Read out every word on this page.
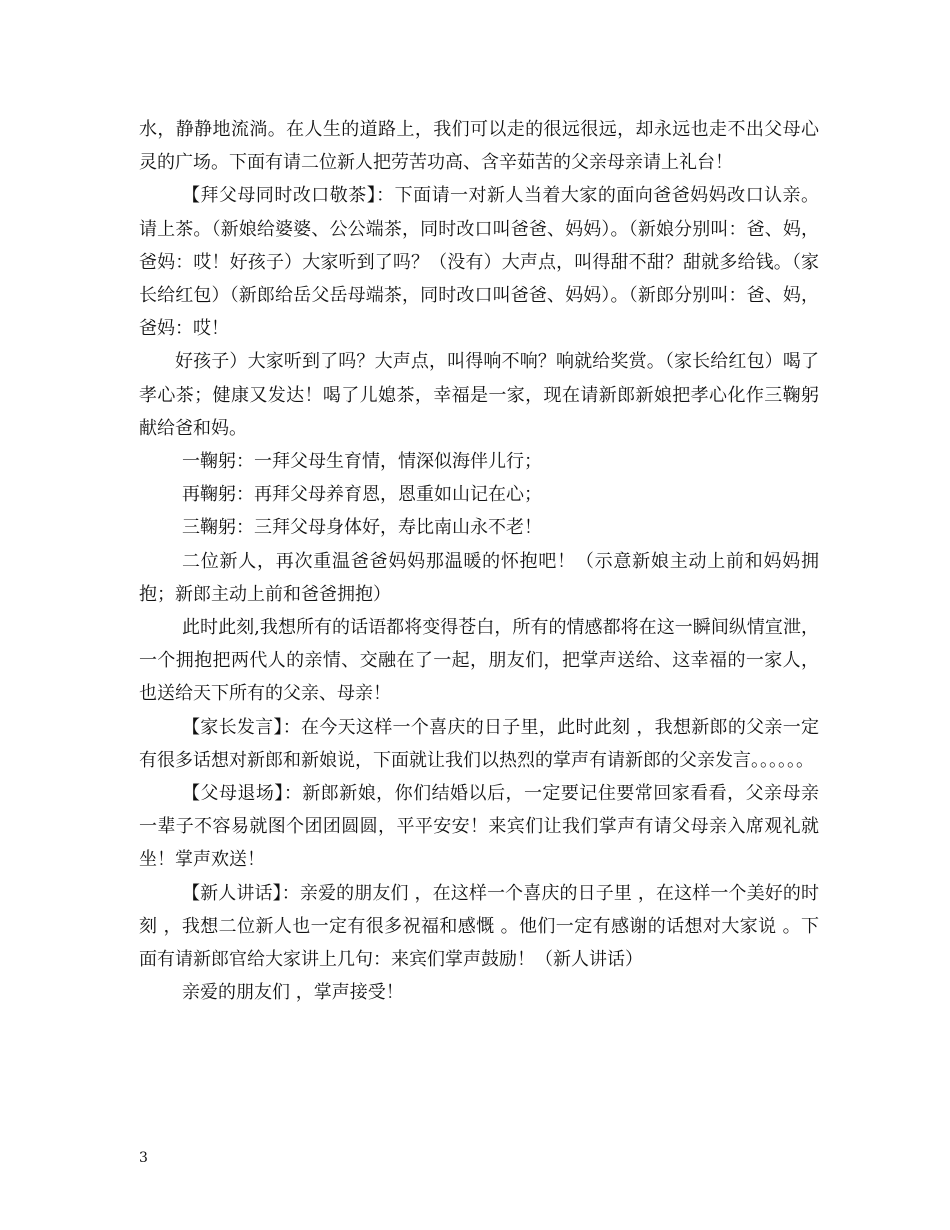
水，静静地流淌。在人生的道路上，我们可以走的很远很远，却永远也走不出父母心灵的广场。下面有请二位新人把劳苦功高、含辛茹苦的父亲母亲请上礼台！

【拜父母同时改口敬茶】：下面请一对新人当着大家的面向爸爸妈妈改口认亲。请上茶。（新娘给婆婆、公公端茶，同时改口叫爸爸、妈妈）。（新娘分别叫：爸、妈，爸妈：哎！好孩子）大家听到了吗？（没有）大声点，叫得甜不甜？甜就多给钱。（家长给红包）（新郎给岳父岳母端茶，同时改口叫爸爸、妈妈）。（新郎分别叫：爸、妈，爸妈：哎！

好孩子）大家听到了吗？大声点，叫得响不响？响就给奖赏。（家长给红包）喝了孝心茶；健康又发达！喝了儿媳茶，幸福是一家，现在请新郎新娘把孝心化作三鞠躬献给爸和妈。

一鞠躬：一拜父母生育情，情深似海伴儿行；

再鞠躬：再拜父母养育恩，恩重如山记在心；

三鞠躬：三拜父母身体好，寿比南山永不老！

二位新人，再次重温爸爸妈妈那温暖的怀抱吧！（示意新娘主动上前和妈妈拥抱；新郎主动上前和爸爸拥抱）

此时此刻,我想所有的话语都将变得苍白，所有的情感都将在这一瞬间纵情宣泄，一个拥抱把两代人的亲情、交融在了一起，朋友们，把掌声送给、这幸福的一家人，也送给天下所有的父亲、母亲！

【家长发言】：在今天这样一个喜庆的日子里，此时此刻 ，我想新郎的父亲一定有很多话想对新郎和新娘说，下面就让我们以热烈的掌声有请新郎的父亲发言。。。。。。

【父母退场】：新郎新娘，你们结婚以后，一定要记住要常回家看看，父亲母亲一辈子不容易就图个团团圆圆，平平安安！来宾们让我们掌声有请父母亲入席观礼就坐！掌声欢送！

【新人讲话】：亲爱的朋友们 ，在这样一个喜庆的日子里 ，在这样一个美好的时刻 ，我想二位新人也一定有很多祝福和感慨 。他们一定有感谢的话想对大家说 。下面有请新郎官给大家讲上几句：来宾们掌声鼓励！（新人讲话）

亲爱的朋友们 ，掌声接受！

3
